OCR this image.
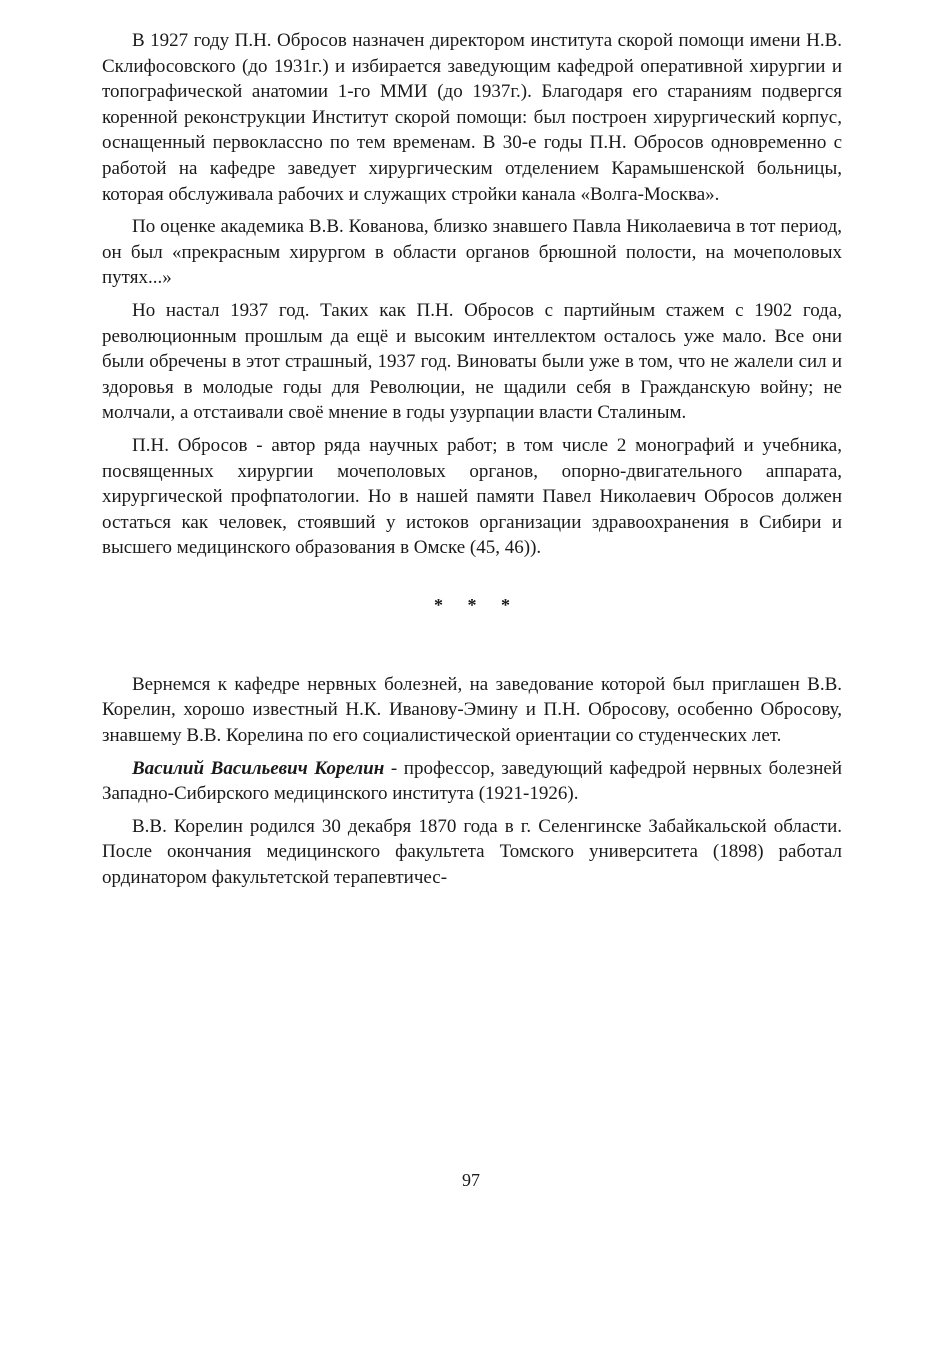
В 1927 году П.Н. Обросов назначен директором института скорой помощи имени Н.В. Склифосовского (до 1931г.) и избирается заведующим кафедрой оперативной хирургии и топографической анатомии 1-го ММИ (до 1937г.). Благодаря его стараниям подвергся коренной реконструкции Институт скорой помощи: был построен хирургический корпус, оснащенный первоклассно по тем временам. В 30-е годы П.Н. Обросов одновременно с работой на кафедре заведует хирургическим отделением Карамышенской больницы, которая обслуживала рабочих и служащих стройки канала «Волга-Москва».

По оценке академика В.В. Кованова, близко знавшего Павла Николаевича в тот период, он был «прекрасным хирургом в области органов брюшной полости, на мочеполовых путях...»

Но настал 1937 год. Таких как П.Н. Обросов с партийным стажем с 1902 года, революционным прошлым да ещё и высоким интеллектом осталось уже мало. Все они были обречены в этот страшный, 1937 год. Виноваты были уже в том, что не жалели сил и здоровья в молодые годы для Революции, не щадили себя в Гражданскую войну; не молчали, а отстаивали своё мнение в годы узурпации власти Сталиным.

П.Н. Обросов - автор ряда научных работ; в том числе 2 монографий и учебника, посвященных хирургии мочеполовых органов, опорно-двигательного аппарата, хирургической профпатологии. Но в нашей памяти Павел Николаевич Обросов должен остаться как человек, стоявший у истоков организации здравоохранения в Сибири и высшего медицинского образования в Омске (45, 46)).

* * *

Вернемся к кафедре нервных болезней, на заведование которой был приглашен В.В. Корелин, хорошо известный Н.К. Иванову-Эмину и П.Н. Обросову, особенно Обросову, знавшему В.В. Корелина по его социалистической ориентации со студенческих лет.

Василий Васильевич Корелин - профессор, заведующий кафедрой нервных болезней Западно-Сибирского медицинского института (1921-1926).

В.В. Корелин родился 30 декабря 1870 года в г. Селенгинске Забайкальской области. После окончания медицинского факультета Томского университета (1898) работал ординатором факультетской терапевтичес-

97
